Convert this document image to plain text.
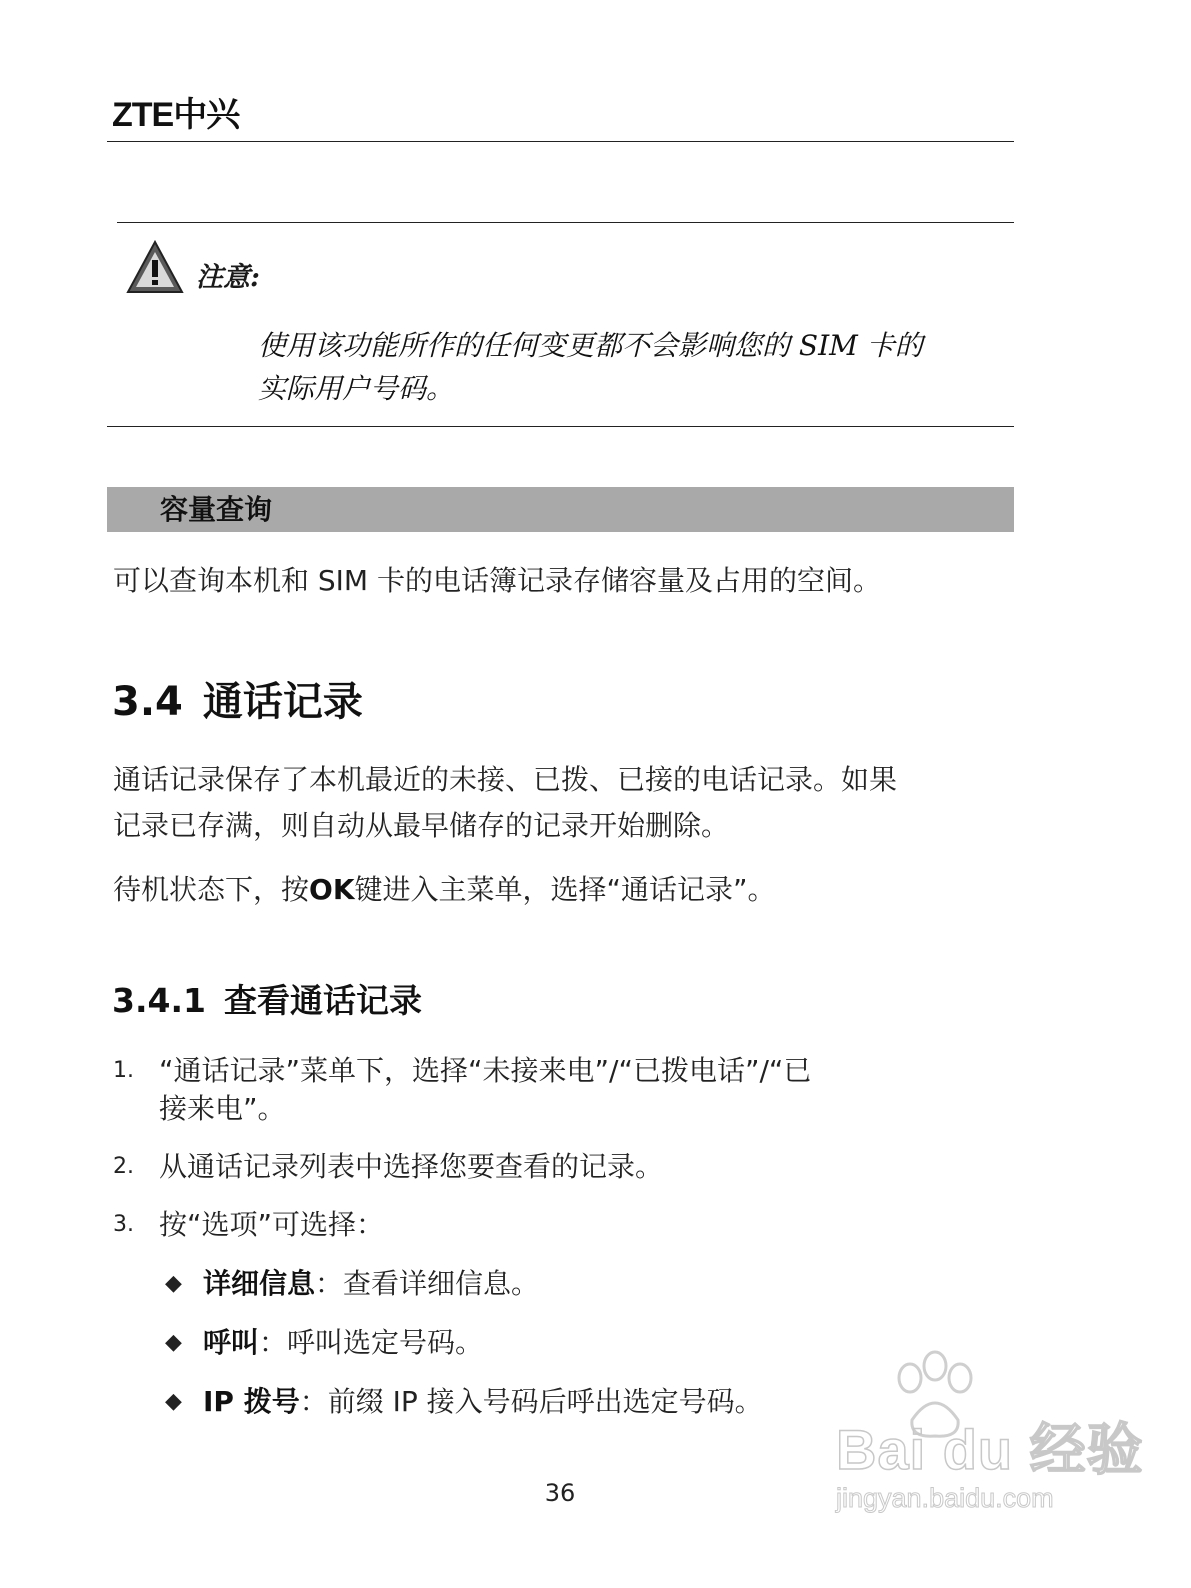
ZTE中兴
注意:
使用该功能所作的任何变更都不会影响您的 SIM 卡的
实际用户号码。
容量查询
可以查询本机和 SIM 卡的电话簿记录存储容量及占用的空间。
3.4 通话记录
通话记录保存了本机最近的未接、已拨、已接的电话记录。如果
记录已存满，则自动从最早储存的记录开始删除。
待机状态下，按OK键进入主菜单，选择“通话记录”。
3.4.1 查看通话记录
1. “通话记录”菜单下，选择“未接来电”/“已拨电话”/“已
接来电”。
2. 从通话记录列表中选择您要查看的记录。
3. 按“选项”可选择：
◆ 详细信息：查看详细信息。
◆ 呼叫：呼叫选定号码。
◆ IP 拨号：前缀 IP 接入号码后呼出选定号码。
36
Bai du 经验
jingyan.baidu.com
